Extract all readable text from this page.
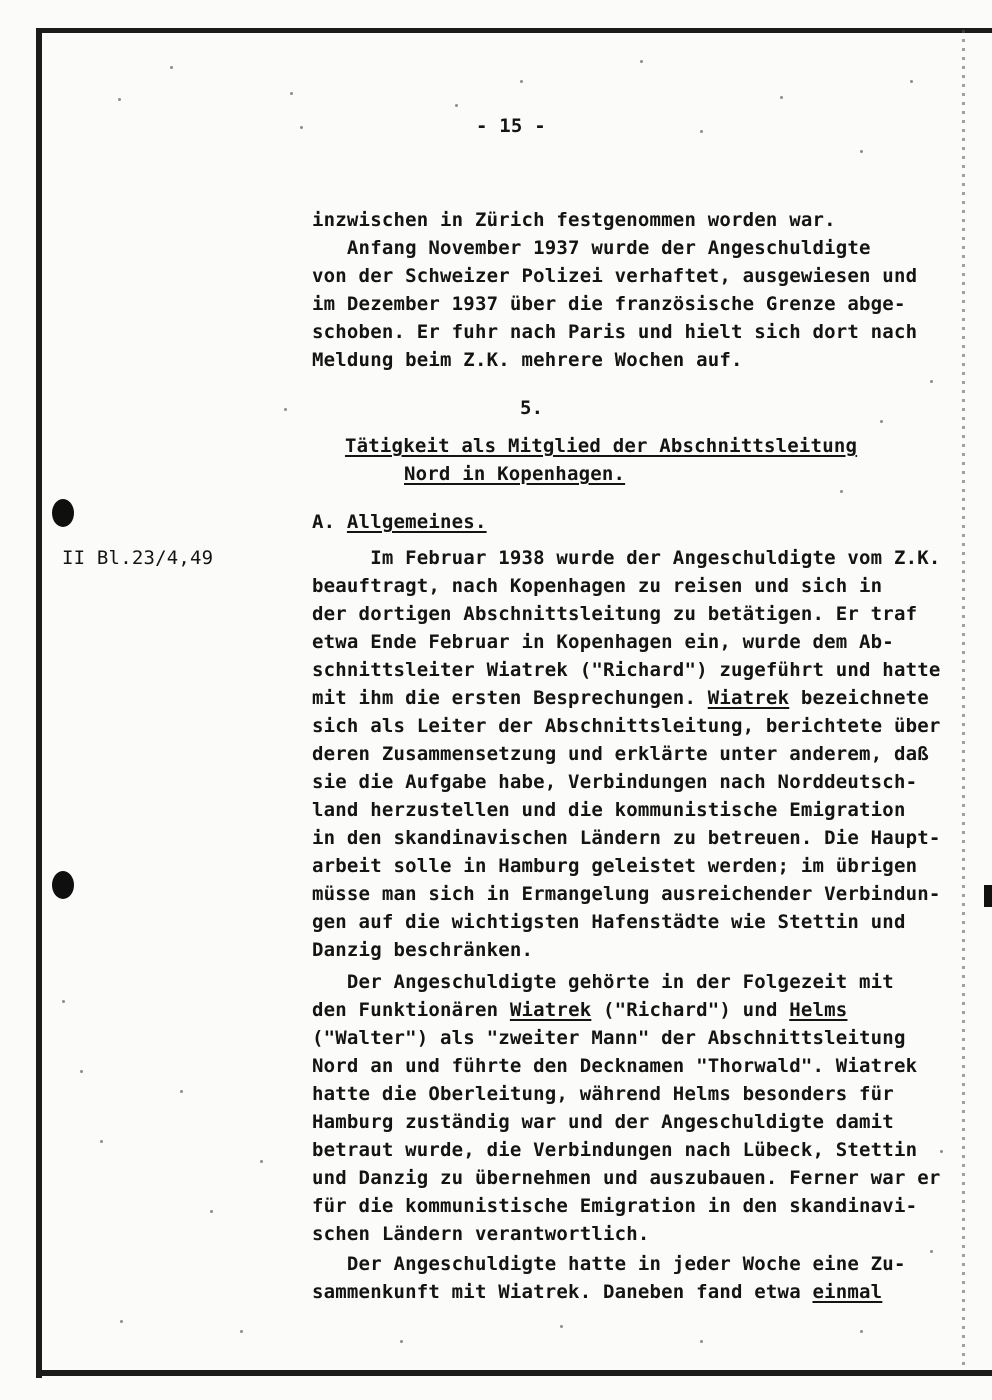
- 15 -
inzwischen in Zürich festgenommen worden war.
Anfang November 1937 wurde der Angeschuldigte
von der Schweizer Polizei verhaftet, ausgewiesen und
im Dezember 1937 über die französische Grenze abge-
schoben. Er fuhr nach Paris und hielt sich dort nach
Meldung beim Z.K. mehrere Wochen auf.
5.
Tätigkeit als Mitglied der Abschnittsleitung
Nord in Kopenhagen.
A. Allgemeines.
II Bl.23/4,49	Im Februar 1938 wurde der Angeschuldigte vom Z.K.
beauftragt, nach Kopenhagen zu reisen und sich in
der dortigen Abschnittsleitung zu betätigen. Er traf
etwa Ende Februar in Kopenhagen ein, wurde dem Ab-
schnittsleiter Wiatrek ("Richard") zugeführt und hatte
mit ihm die ersten Besprechungen. Wiatrek bezeichnete
sich als Leiter der Abschnittsleitung, berichtete über
deren Zusammensetzung und erklärte unter anderem, daß
sie die Aufgabe habe, Verbindungen nach Norddeutsch-
land herzustellen und die kommunistische Emigration
in den skandinavischen Ländern zu betreuen. Die Haupt-
arbeit solle in Hamburg geleistet werden; im übrigen
müsse man sich in Ermangelung ausreichender Verbindun-
gen auf die wichtigsten Hafenstädte wie Stettin und
Danzig beschränken.
Der Angeschuldigte gehörte in der Folgezeit mit
den Funktionären Wiatrek ("Richard") und Helms
("Walter") als "zweiter Mann" der Abschnittsleitung
Nord an und führte den Decknamen "Thorwald". Wiatrek
hatte die Oberleitung, während Helms besonders für
Hamburg zuständig war und der Angeschuldigte damit
betraut wurde, die Verbindungen nach Lübeck, Stettin
und Danzig zu übernehmen und auszubauen. Ferner war er
für die kommunistische Emigration in den skandinavi-
schen Ländern verantwortlich.
Der Angeschuldigte hatte in jeder Woche eine Zu-
sammenkunft mit Wiatrek. Daneben fand etwa einmal
